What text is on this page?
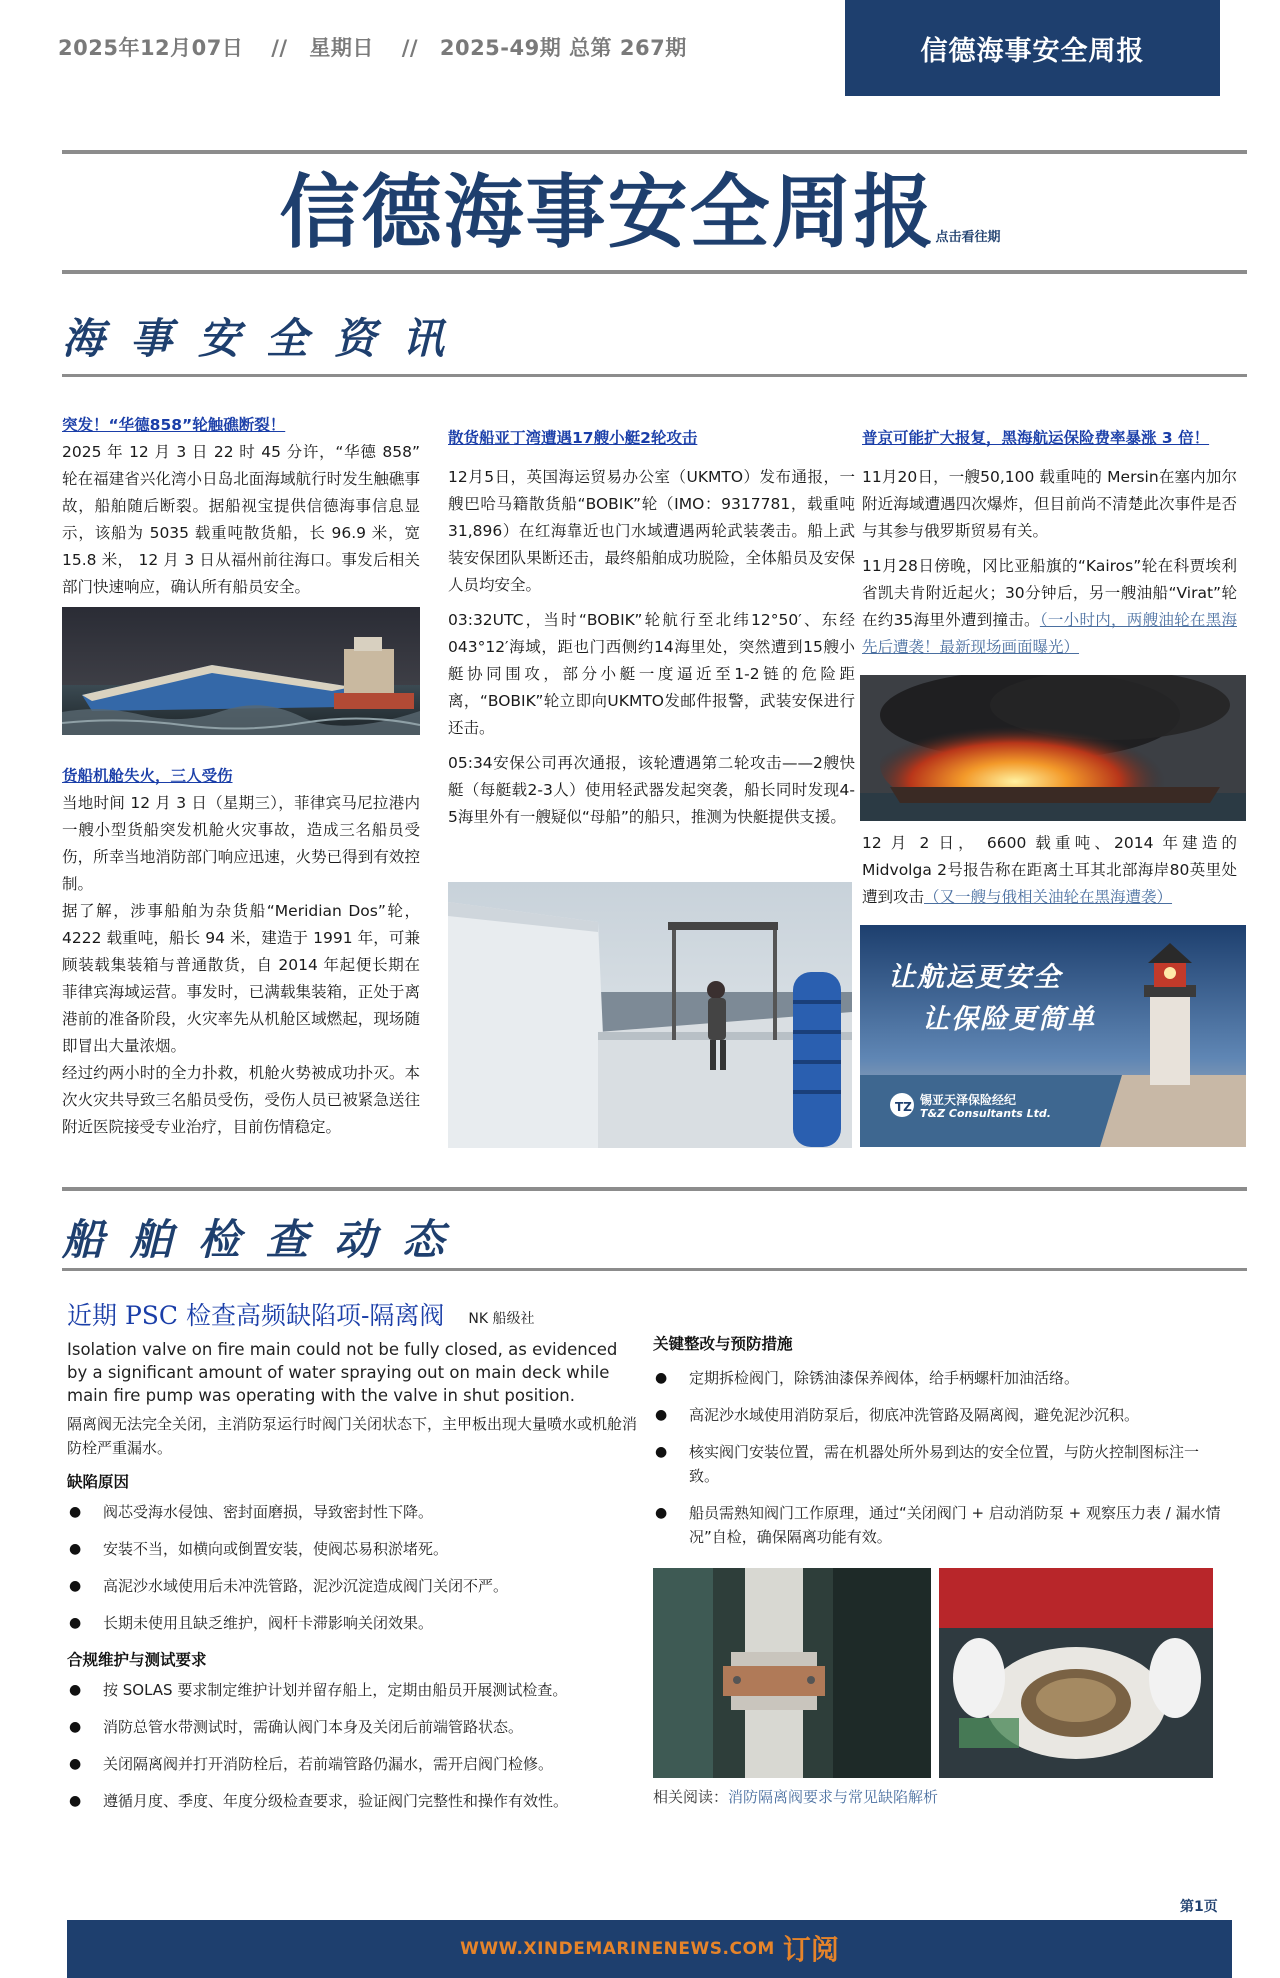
2025年12月07日 // 星期日 // 2025-49期 总第 267期	信德海事安全周报
信德海事安全周报点击看往期
海事安全资讯
突发！“华德858”轮触礁断裂！

2025 年 12 月 3 日 22 时 45 分许，“华德 858” 轮在福建省兴化湾小日岛北面海域航行时发生触礁事故，船舶随后断裂。据船视宝提供信德海事信息显示，该船为 5035 载重吨散货船，长 96.9 米，宽 15.8 米， 12 月 3 日从福州前往海口。事发后相关部门快速响应，确认所有船员安全。

货船机舱失火，三人受伤

当地时间 12 月 3 日（星期三），菲律宾马尼拉港内一艘小型货船突发机舱火灾事故，造成三名船员受伤，所幸当地消防部门响应迅速，火势已得到有效控制。

据了解，涉事船舶为杂货船“Meridian Dos”轮，4222 载重吨，船长 94 米，建造于 1991 年，可兼顾装载集装箱与普通散货，自 2014 年起便长期在菲律宾海域运营。事发时，已满载集装箱，正处于离港前的准备阶段，火灾率先从机舱区域燃起，现场随即冒出大量浓烟。

经过约两小时的全力扑救，机舱火势被成功扑灭。本次火灾共导致三名船员受伤，受伤人员已被紧急送往附近医院接受专业治疗，目前伤情稳定。

散货船亚丁湾遭遇17艘小艇2轮攻击

12月5日，英国海运贸易办公室（UKMTO）发布通报，一艘巴哈马籍散货船“BOBIK”轮（IMO：9317781，载重吨31,896）在红海靠近也门水域遭遇两轮武装袭击。船上武装安保团队果断还击，最终船舶成功脱险，全体船员及安保人员均安全。

03:32UTC，当时“BOBIK”轮航行至北纬12°50′、东经043°12′海域，距也门西侧约14海里处，突然遭到15艘小艇协同围攻，部分小艇一度逼近至1-2链的危险距离，“BOBIK”轮立即向UKMTO发邮件报警，武装安保进行还击。

05:34安保公司再次通报，该轮遭遇第二轮攻击——2艘快艇（每艇载2-3人）使用轻武器发起突袭，船长同时发现4-5海里外有一艘疑似“母船”的船只，推测为快艇提供支援。

普京可能扩大报复，黑海航运保险费率暴涨 3 倍！

11月20日，一艘50,100 载重吨的 Mersin在塞内加尔附近海域遭遇四次爆炸，但目前尚不清楚此次事件是否与其参与俄罗斯贸易有关。

11月28日傍晚，冈比亚船旗的“Kairos”轮在科贾埃利省凯夫肯附近起火；30分钟后，另一艘油船“Virat”轮在约35海里外遭到撞击。（一小时内，两艘油轮在黑海先后遭袭！最新现场画面曝光）

12 月 2 日， 6600 载重吨、2014 年建造的 Midvolga 2号报告称在距离土耳其北部海岸80英里处遭到攻击（又一艘与俄相关油轮在黑海遭袭）

TZ
让航运更安全
让保险更简单
锡亚天泽保险经纪
T&Z Consultants Ltd.
船舶检查动态
近期 PSC 检查高频缺陷项-隔离阀 NK 船级社
Isolation valve on fire main could not be fully closed, as evidenced by a significant amount of water spraying out on main deck while main fire pump was operating with the valve in shut position.
隔离阀无法完全关闭，主消防泵运行时阀门关闭状态下，主甲板出现大量喷水或机舱消防栓严重漏水。
缺陷原因
● 阀芯受海水侵蚀、密封面磨损，导致密封性下降。
● 安装不当，如横向或倒置安装，使阀芯易积淤堵死。
● 高泥沙水域使用后未冲洗管路，泥沙沉淀造成阀门关闭不严。
● 长期未使用且缺乏维护，阀杆卡滞影响关闭效果。
合规维护与测试要求
● 按 SOLAS 要求制定维护计划并留存船上，定期由船员开展测试检查。
● 消防总管水带测试时，需确认阀门本身及关闭后前端管路状态。
● 关闭隔离阀并打开消防栓后，若前端管路仍漏水，需开启阀门检修。
● 遵循月度、季度、年度分级检查要求，验证阀门完整性和操作有效性。
关键整改与预防措施
● 定期拆检阀门，除锈油漆保养阀体，给手柄螺杆加油活络。
● 高泥沙水域使用消防泵后，彻底冲洗管路及隔离阀，避免泥沙沉积。
● 核实阀门安装位置，需在机器处所外易到达的安全位置，与防火控制图标注一致。
● 船员需熟知阀门工作原理，通过“关闭阀门 + 启动消防泵 + 观察压力表 / 漏水情况”自检，确保隔离功能有效。
相关阅读：消防隔离阀要求与常见缺陷解析
第1页
WWW.XINDEMARINENEWS.COM 订阅
